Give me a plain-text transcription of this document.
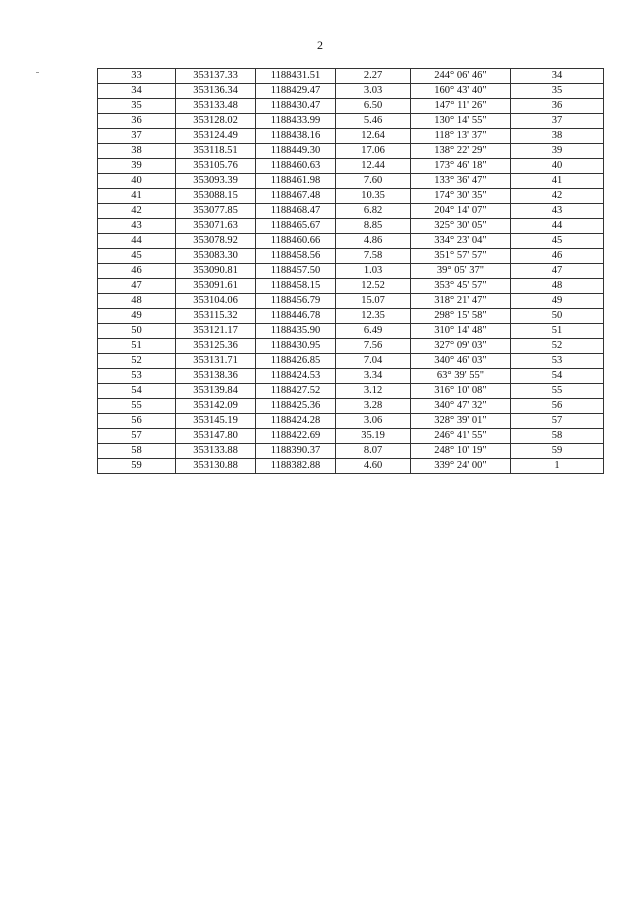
2
33	353137.33	1188431.51	2.27	244° 06' 46"	34
34	353136.34	1188429.47	3.03	160° 43' 40"	35
35	353133.48	1188430.47	6.50	147° 11' 26"	36
36	353128.02	1188433.99	5.46	130° 14' 55"	37
37	353124.49	1188438.16	12.64	118° 13' 37"	38
38	353118.51	1188449.30	17.06	138° 22' 29"	39
39	353105.76	1188460.63	12.44	173° 46' 18"	40
40	353093.39	1188461.98	7.60	133° 36' 47"	41
41	353088.15	1188467.48	10.35	174° 30' 35"	42
42	353077.85	1188468.47	6.82	204° 14' 07"	43
43	353071.63	1188465.67	8.85	325° 30' 05"	44
44	353078.92	1188460.66	4.86	334° 23' 04"	45
45	353083.30	1188458.56	7.58	351° 57' 57"	46
46	353090.81	1188457.50	1.03	39° 05' 37"	47
47	353091.61	1188458.15	12.52	353° 45' 57"	48
48	353104.06	1188456.79	15.07	318° 21' 47"	49
49	353115.32	1188446.78	12.35	298° 15' 58"	50
50	353121.17	1188435.90	6.49	310° 14' 48"	51
51	353125.36	1188430.95	7.56	327° 09' 03"	52
52	353131.71	1188426.85	7.04	340° 46' 03"	53
53	353138.36	1188424.53	3.34	63° 39' 55"	54
54	353139.84	1188427.52	3.12	316° 10' 08"	55
55	353142.09	1188425.36	3.28	340° 47' 32"	56
56	353145.19	1188424.28	3.06	328° 39' 01"	57
57	353147.80	1188422.69	35.19	246° 41' 55"	58
58	353133.88	1188390.37	8.07	248° 10' 19"	59
59	353130.88	1188382.88	4.60	339° 24' 00"	1
